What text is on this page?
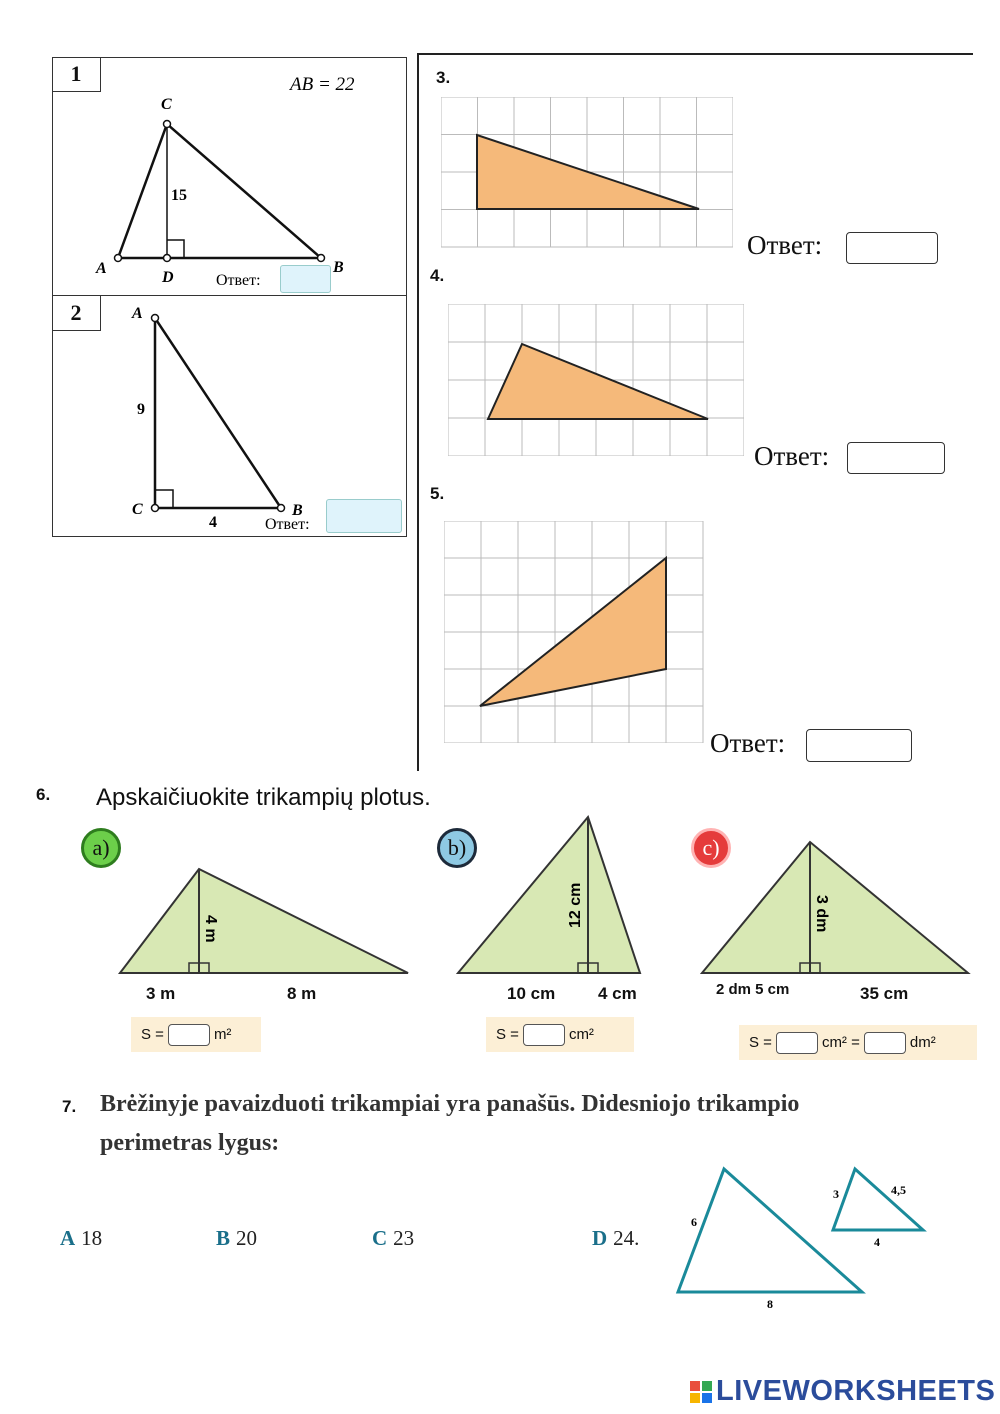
1
2
AB = 22
C
A	B
D
15
Ответ:
A
C	B
9
4	Ответ:
3.
Ответ:
4.
Ответ:
5.
Ответ:
6. Apskaičiuokite trikampių plotus.
a)	b)	c)
4 m
12 cm	3 dm
3 m	8 m	10 cm	4 cm	2 dm 5 cm	35 cm
S =	m²	S =	cm²	S =	cm² =	dm²
7. Brėžinyje pavaizduoti trikampiai yra panašūs. Didesniojo trikampio
perimetras lygus:
A 18	B 20	C 23	D 24.
6
8
3	4,5
4
LIVEWORKSHEETS
